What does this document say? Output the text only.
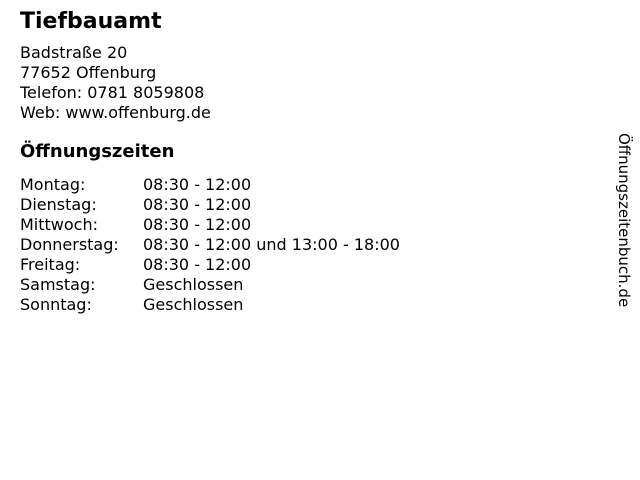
Tiefbauamt
Badstraße 20
77652 Offenburg
Telefon: 0781 8059808
Web: www.offenburg.de
Öffnungszeiten
Montag:	08:30 - 12:00
Dienstag:	08:30 - 12:00
Mittwoch:	08:30 - 12:00
Donnerstag:	08:30 - 12:00 und 13:00 - 18:00
Freitag:	08:30 - 12:00
Samstag:	Geschlossen
Sonntag:	Geschlossen	Öffnungszeitenbuch.de
